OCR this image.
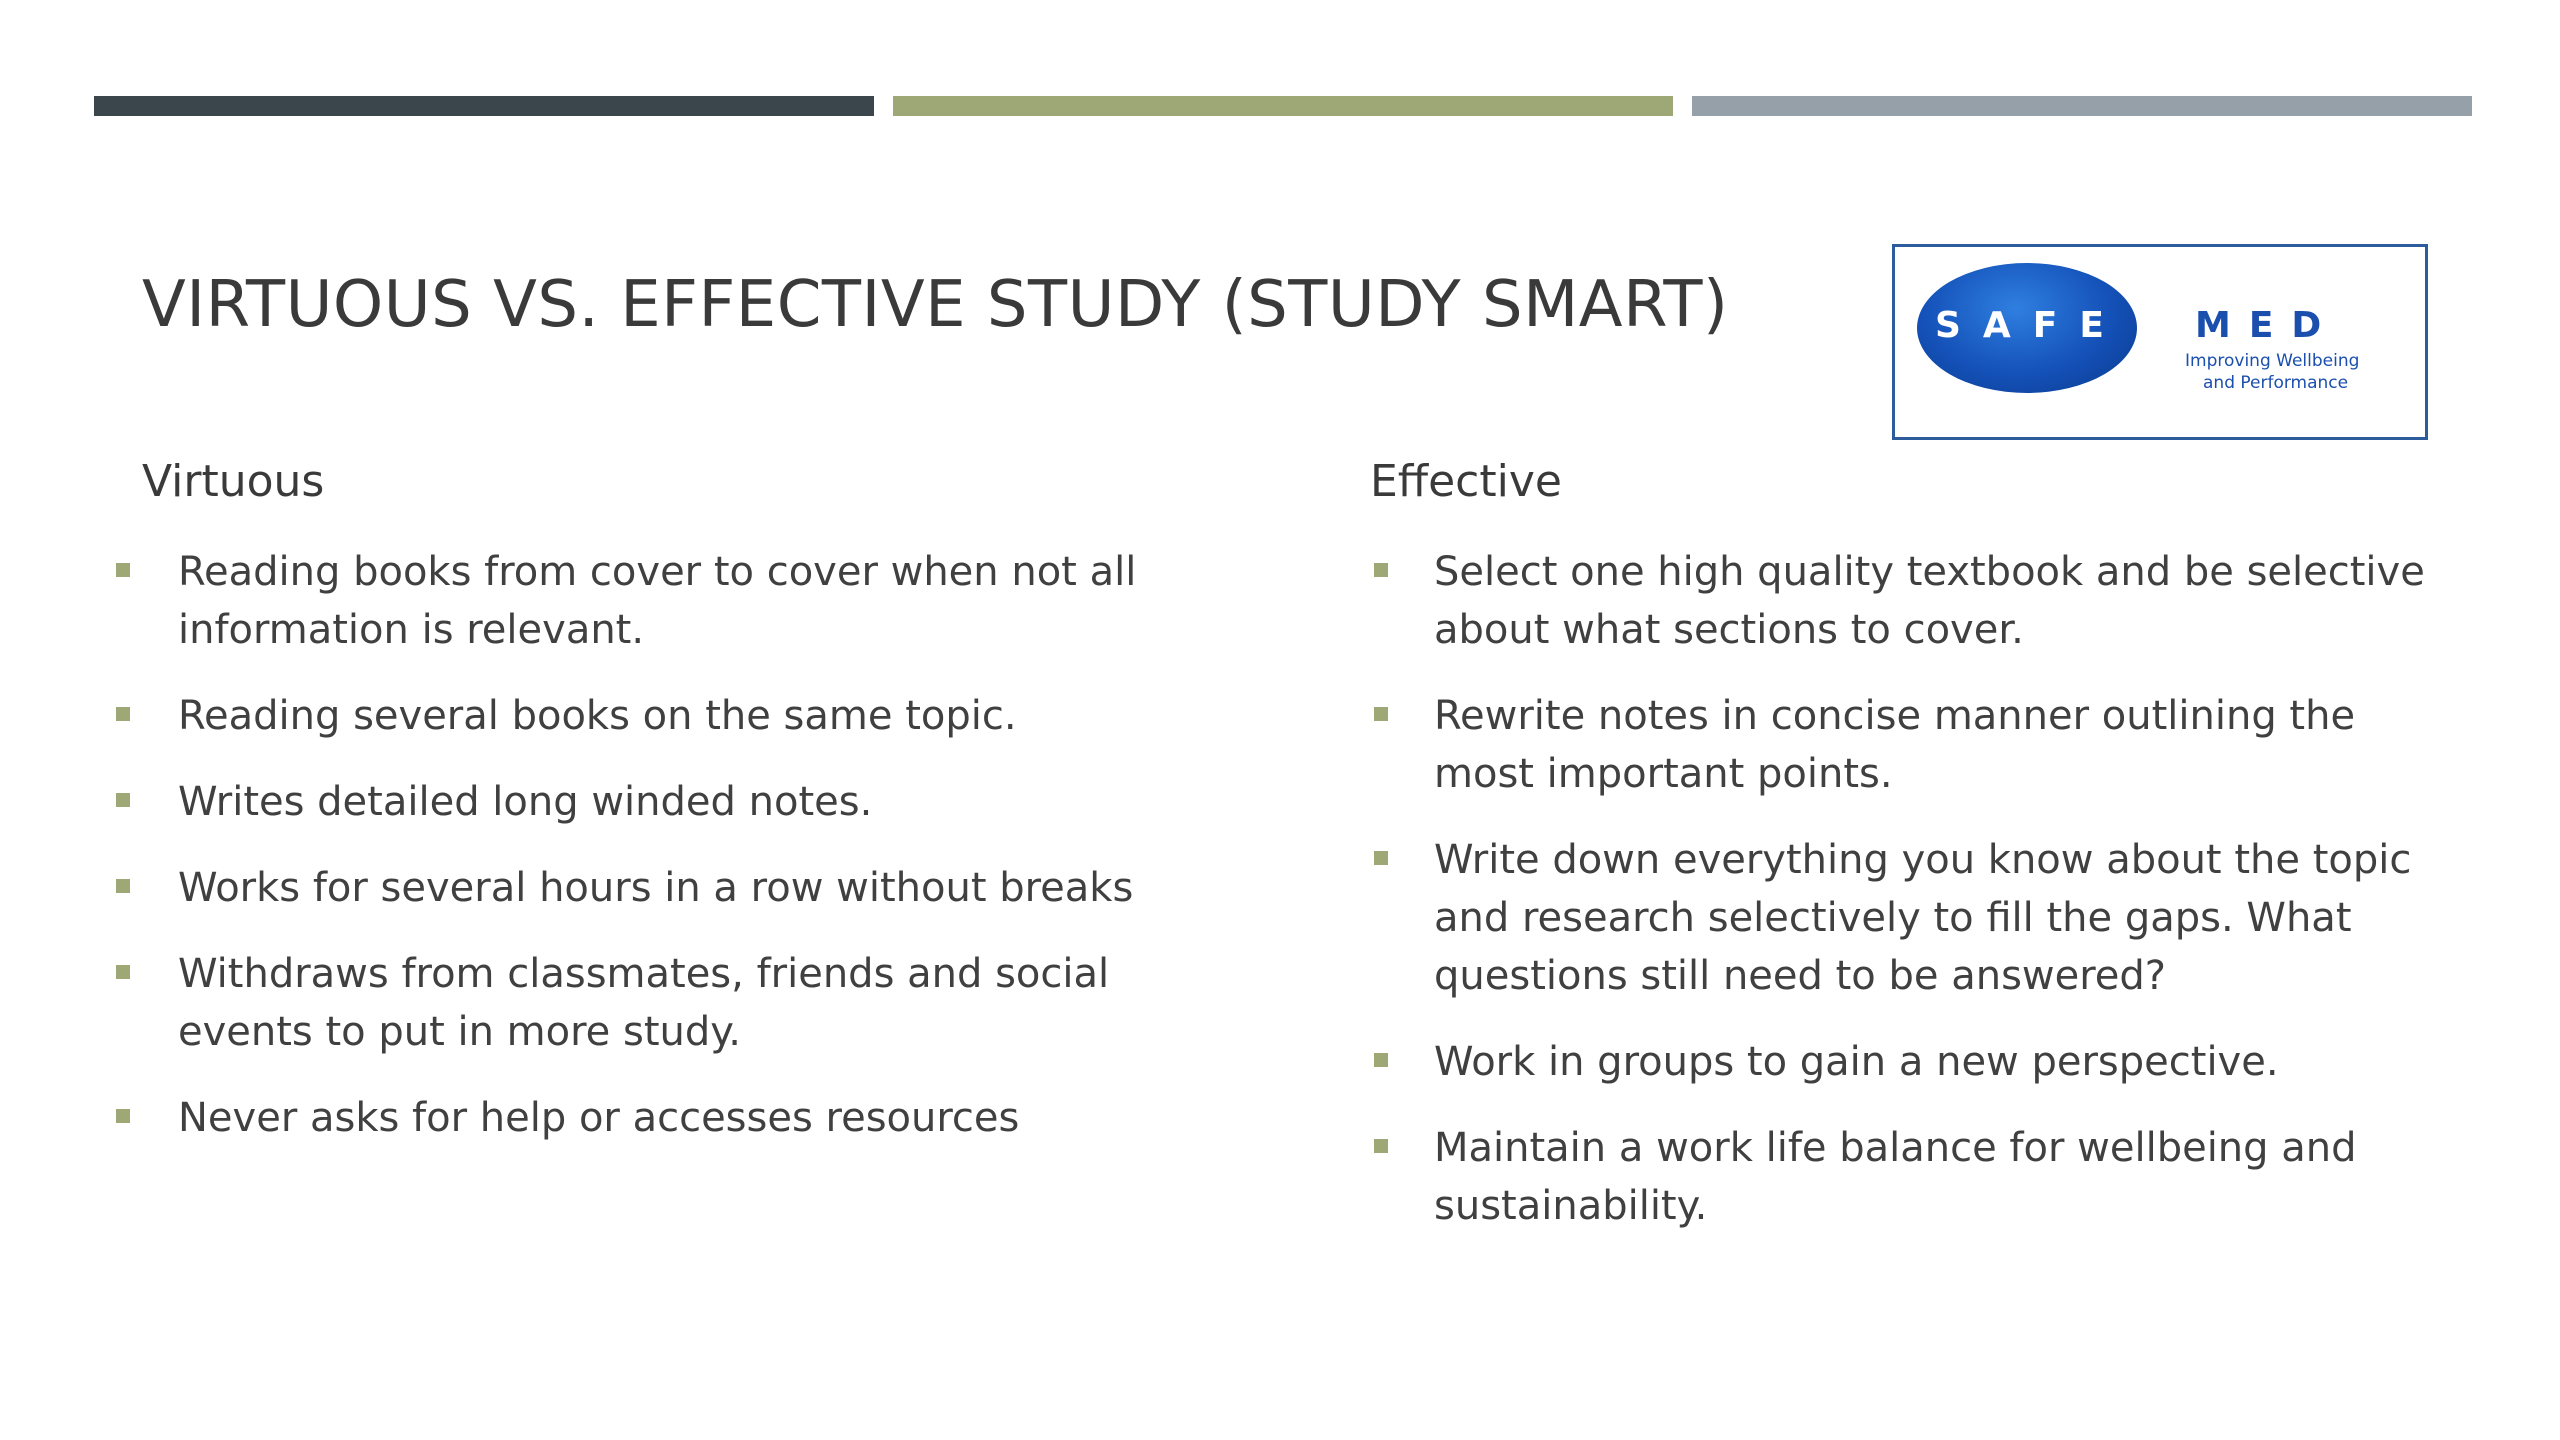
VIRTUOUS VS. EFFECTIVE STUDY (STUDY SMART)	SAFE MED
Improving Wellbeing
and Performance
Virtuous
Reading books from cover to cover when not all information is relevant.
Reading several books on the same topic.
Writes detailed long winded notes.
Works for several hours in a row without breaks
Withdraws from classmates, friends and social events to put in more study.
Never asks for help or accesses resources
Effective
Select one high quality textbook and be selective about what sections to cover.
Rewrite notes in concise manner outlining the most important points.
Write down everything you know about the topic and research selectively to fill the gaps. What questions still need to be answered?
Work in groups to gain a new perspective.
Maintain a work life balance for wellbeing and sustainability.
